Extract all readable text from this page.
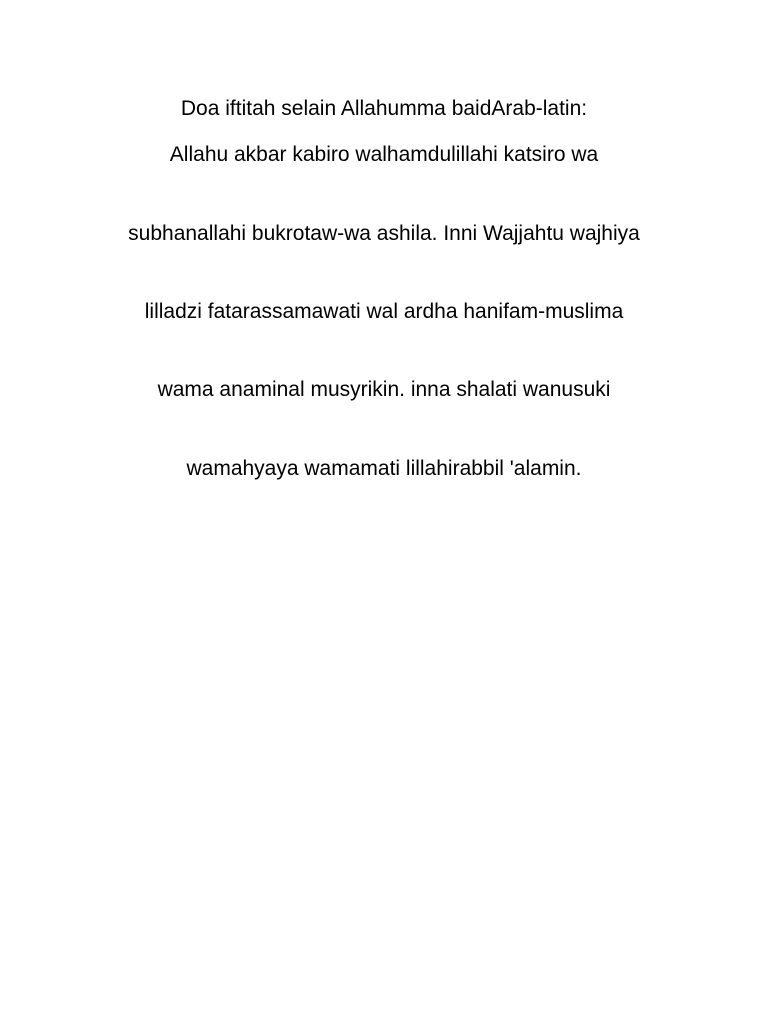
Doa iftitah selain Allahumma baidArab-latin:
Allahu akbar kabiro walhamdulillahi katsiro wa
subhanallahi bukrotaw-wa ashila. Inni Wajjahtu wajhiya
lilladzi fatarassamawati wal ardha hanifam-muslima
wama anaminal musyrikin. inna shalati wanusuki
wamahyaya wamamati lillahirabbil 'alamin.
